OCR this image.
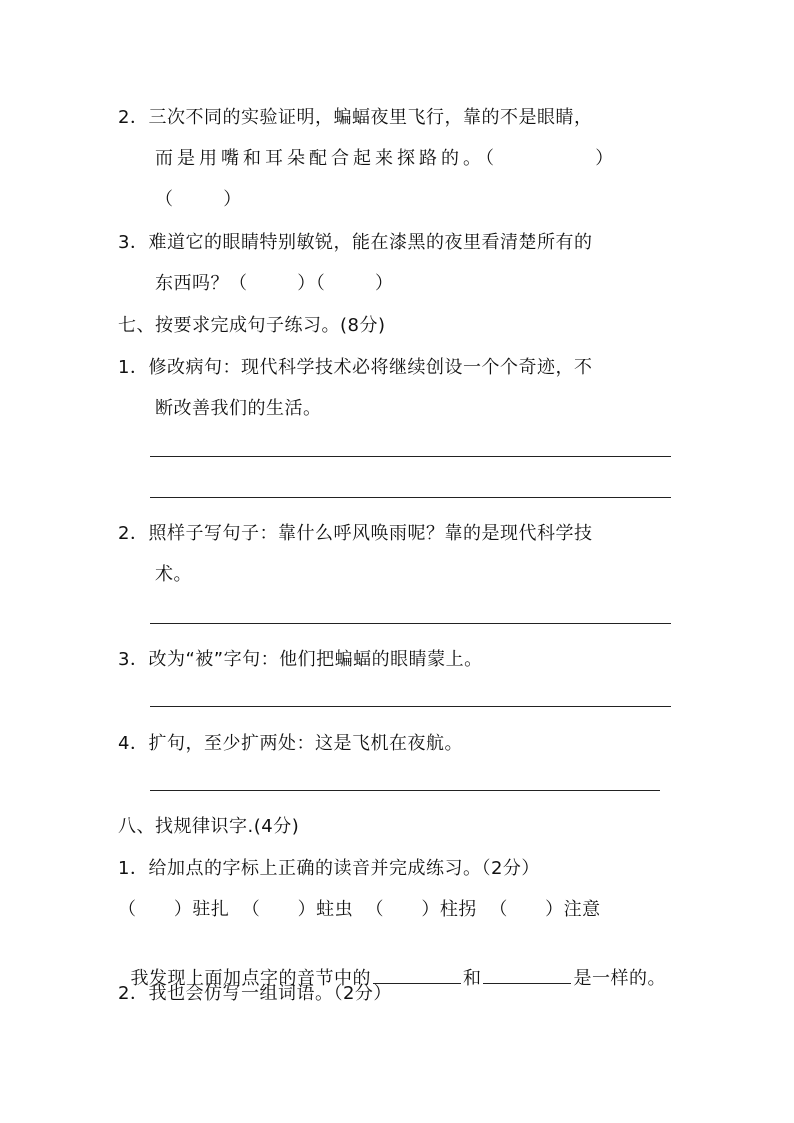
2．三次不同的实验证明，蝙蝠夜里飞行，靠的不是眼睛，
而是用嘴和耳朵配合起来探路的。（          ）
（        ）
3．难道它的眼睛特别敏锐，能在漆黑的夜里看清楚所有的
东西吗？（        ）（        ）
七、按要求完成句子练习。(8分)
1．修改病句：现代科学技术必将继续创设一个个奇迹，不
断改善我们的生活。
2．照样子写句子：靠什么呼风唤雨呢？靠的是现代科学技
术。
3．改为“被”字句：他们把蝙蝠的眼睛蒙上。
4．扩句，至少扩两处：这是飞机在夜航。
八、找规律识字.(4分)
1．给加点的字标上正确的读音并完成练习。（2分）
（      ）驻扎  （      ）蛀虫  （      ）柱拐  （      ）注意

我发现上面加点字的音节中的	和	是一样的。

2．我也会仿写一组词语。（2分）
